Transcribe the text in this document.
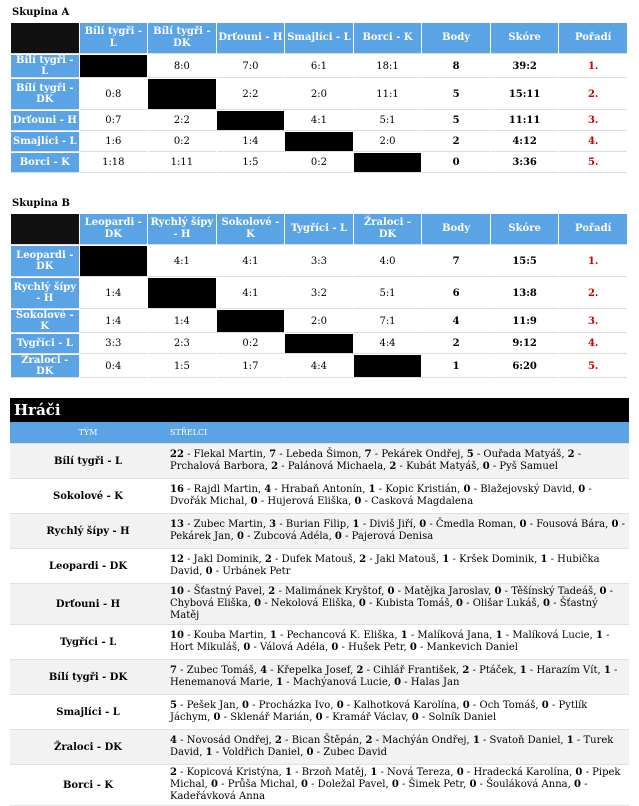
Skupina A
	Bílí tygři - L	Bílí tygři - DK	Drťouni - H	Smajlíci - L	Borci - K	Body	Skóre	Pořadí
Bílí tygři - L		8:0	7:0	6:1	18:1	8	39:2	1.
Bílí tygři - DK	0:8		2:2	2:0	11:1	5	15:11	2.
Drťouni - H	0:7	2:2		4:1	5:1	5	11:11	3.
Smajlíci - L	1:6	0:2	1:4		2:0	2	4:12	4.
Borci - K	1:18	1:11	1:5	0:2		0	3:36	5.
Skupina B
	Leopardi - DK	Rychlý šípy - H	Sokolové - K	Tygříci - L	Žraloci - DK	Body	Skóre	Pořadí
Leopardi - DK		4:1	4:1	3:3	4:0	7	15:5	1.
Rychlý šípy - H	1:4		4:1	3:2	5:1	6	13:8	2.
Sokolové - K	1:4	1:4		2:0	7:1	4	11:9	3.
Tygříci - L	3:3	2:3	0:2		4:4	2	9:12	4.
Žraloci - DK	0:4	1:5	1:7	4:4		1	6:20	5.
Hráči
TÝM	STŘELCI
Bílí tygři - L	22 - Flekal Martin, 7 - Lebeda Šimon, 7 - Pekárek Ondřej, 5 - Ouřada Matyáš, 2 - Prchalová Barbora, 2 - Palánová Michaela, 2 - Kubát Matyáš, 0 - Pyš Samuel
Sokolové - K	16 - Rajdl Martin, 4 - Hrabaň Antonín, 1 - Kopic Kristián, 0 - Blažejovský David, 0 - Dvořák Michal, 0 - Hujerová Eliška, 0 - Casková Magdalena
Rychlý šípy - H	13 - Zubec Martin, 3 - Burian Filip, 1 - Diviš Jiří, 0 - Čmedla Roman, 0 - Fousová Bára, 0 - Pekárek Jan, 0 - Zubcová Adéla, 0 - Pajerová Denisa
Leopardi - DK	12 - Jakl Dominik, 2 - Dufek Matouš, 2 - Jakl Matouš, 1 - Kršek Dominik, 1 - Hubička David, 0 - Urbánek Petr
Drťouni - H	10 - Šťastný Pavel, 2 - Malimánek Kryštof, 0 - Matějka Jaroslav, 0 - Těšínský Tadeáš, 0 - Chybová Eliška, 0 - Nekolová Eliška, 0 - Kubista Tomáš, 0 - Olišar Lukáš, 0 - Šťastný Matěj
Tygříci - L	10 - Kouba Martin, 1 - Pechancová K. Eliška, 1 - Malíková Jana, 1 - Malíková Lucie, 1 - Hort Mikuláš, 0 - Válová Adéla, 0 - Hušek Petr, 0 - Mankevich Daniel
Bílí tygři - DK	7 - Zubec Tomáš, 4 - Křepelka Josef, 2 - Cihlář František, 2 - Ptáček, 1 - Harazím Vít, 1 - Henemanová Marie, 1 - Machýanová Lucie, 0 - Halas Jan
Smajlíci - L	5 - Pešek Jan, 0 - Procházka Ivo, 0 - Kalhotková Karolína, 0 - Och Tomáš, 0 - Pytlík Jáchym, 0 - Sklenář Marián, 0 - Kramář Václav, 0 - Solník Daniel
Žraloci - DK	4 - Novosád Ondřej, 2 - Bican Štěpán, 2 - Machýán Ondřej, 1 - Svatoň Daniel, 1 - Turek David, 1 - Voldřich Daniel, 0 - Zubec David
Borci - K	2 - Kopicová Kristýna, 1 - Brzoň Matěj, 1 - Nová Tereza, 0 - Hradecká Karolína, 0 - Pipek Michal, 0 - Průša Michal, 0 - Doležal Pavel, 0 - Šimek Petr, 0 - Šouláková Anna, 0 - Kadeřávková Anna
